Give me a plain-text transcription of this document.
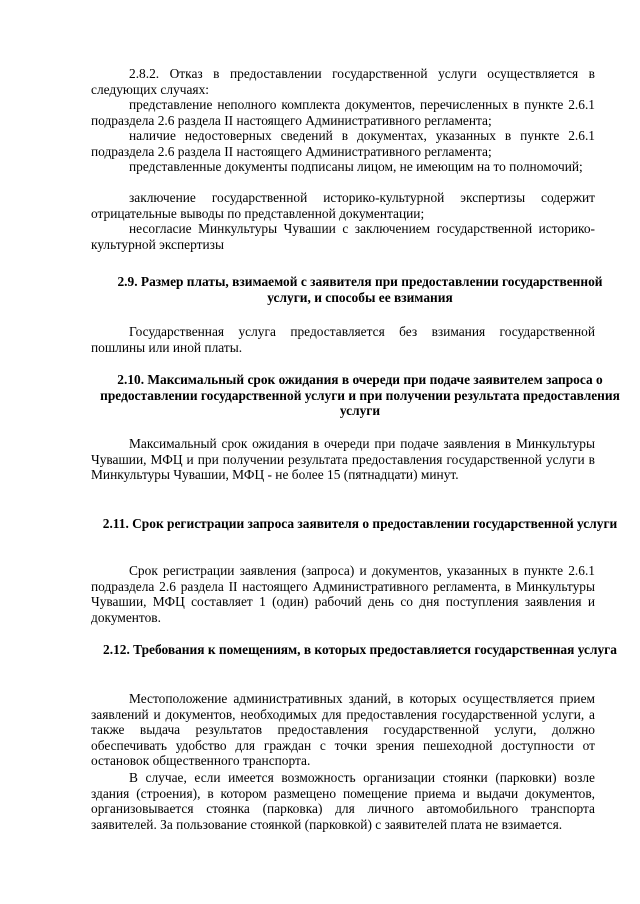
2.8.2. Отказ в предоставлении государственной услуги осуществляется в следующих случаях:

представление неполного комплекта документов, перечисленных в пункте 2.6.1 подраздела 2.6 раздела II настоящего Административного регламента;

наличие недостоверных сведений в документах, указанных в пункте 2.6.1 подраздела 2.6 раздела II настоящего Административного регламента;

представленные документы подписаны лицом, не имеющим на то полномочий;

заключение государственной историко-культурной экспертизы содержит отрицательные выводы по представленной документации;

несогласие Минкультуры Чувашии с заключением государственной историко-культурной экспертизы

2.9. Размер платы, взимаемой с заявителя при предоставлении государственной услуги, и способы ее взимания

Государственная услуга предоставляется без взимания государственной пошлины или иной платы.

2.10. Максимальный срок ожидания в очереди при подаче заявителем запроса о предоставлении государственной услуги и при получении результата предоставления услуги

Максимальный срок ожидания в очереди при подаче заявления в Минкультуры Чувашии, МФЦ и при получении результата предоставления государственной услуги в Минкультуры Чувашии, МФЦ - не более 15 (пятнадцати) минут.

2.11. Срок регистрации запроса заявителя о предоставлении государственной услуги

Срок регистрации заявления (запроса) и документов, указанных в пункте 2.6.1 подраздела 2.6 раздела II настоящего Административного регламента, в Минкультуры Чувашии, МФЦ составляет 1 (один) рабочий день со дня поступления заявления и документов.

2.12. Требования к помещениям, в которых предоставляется государственная услуга

Местоположение административных зданий, в которых осуществляется прием заявлений и документов, необходимых для предоставления государственной услуги, а также выдача результатов предоставления государственной услуги, должно обеспечивать удобство для граждан с точки зрения пешеходной доступности от остановок общественного транспорта.

В случае, если имеется возможность организации стоянки (парковки) возле здания (строения), в котором размещено помещение приема и выдачи документов, организовывается стоянка (парковка) для личного автомобильного транспорта заявителей. За пользование стоянкой (парковкой) с заявителей плата не взимается.
